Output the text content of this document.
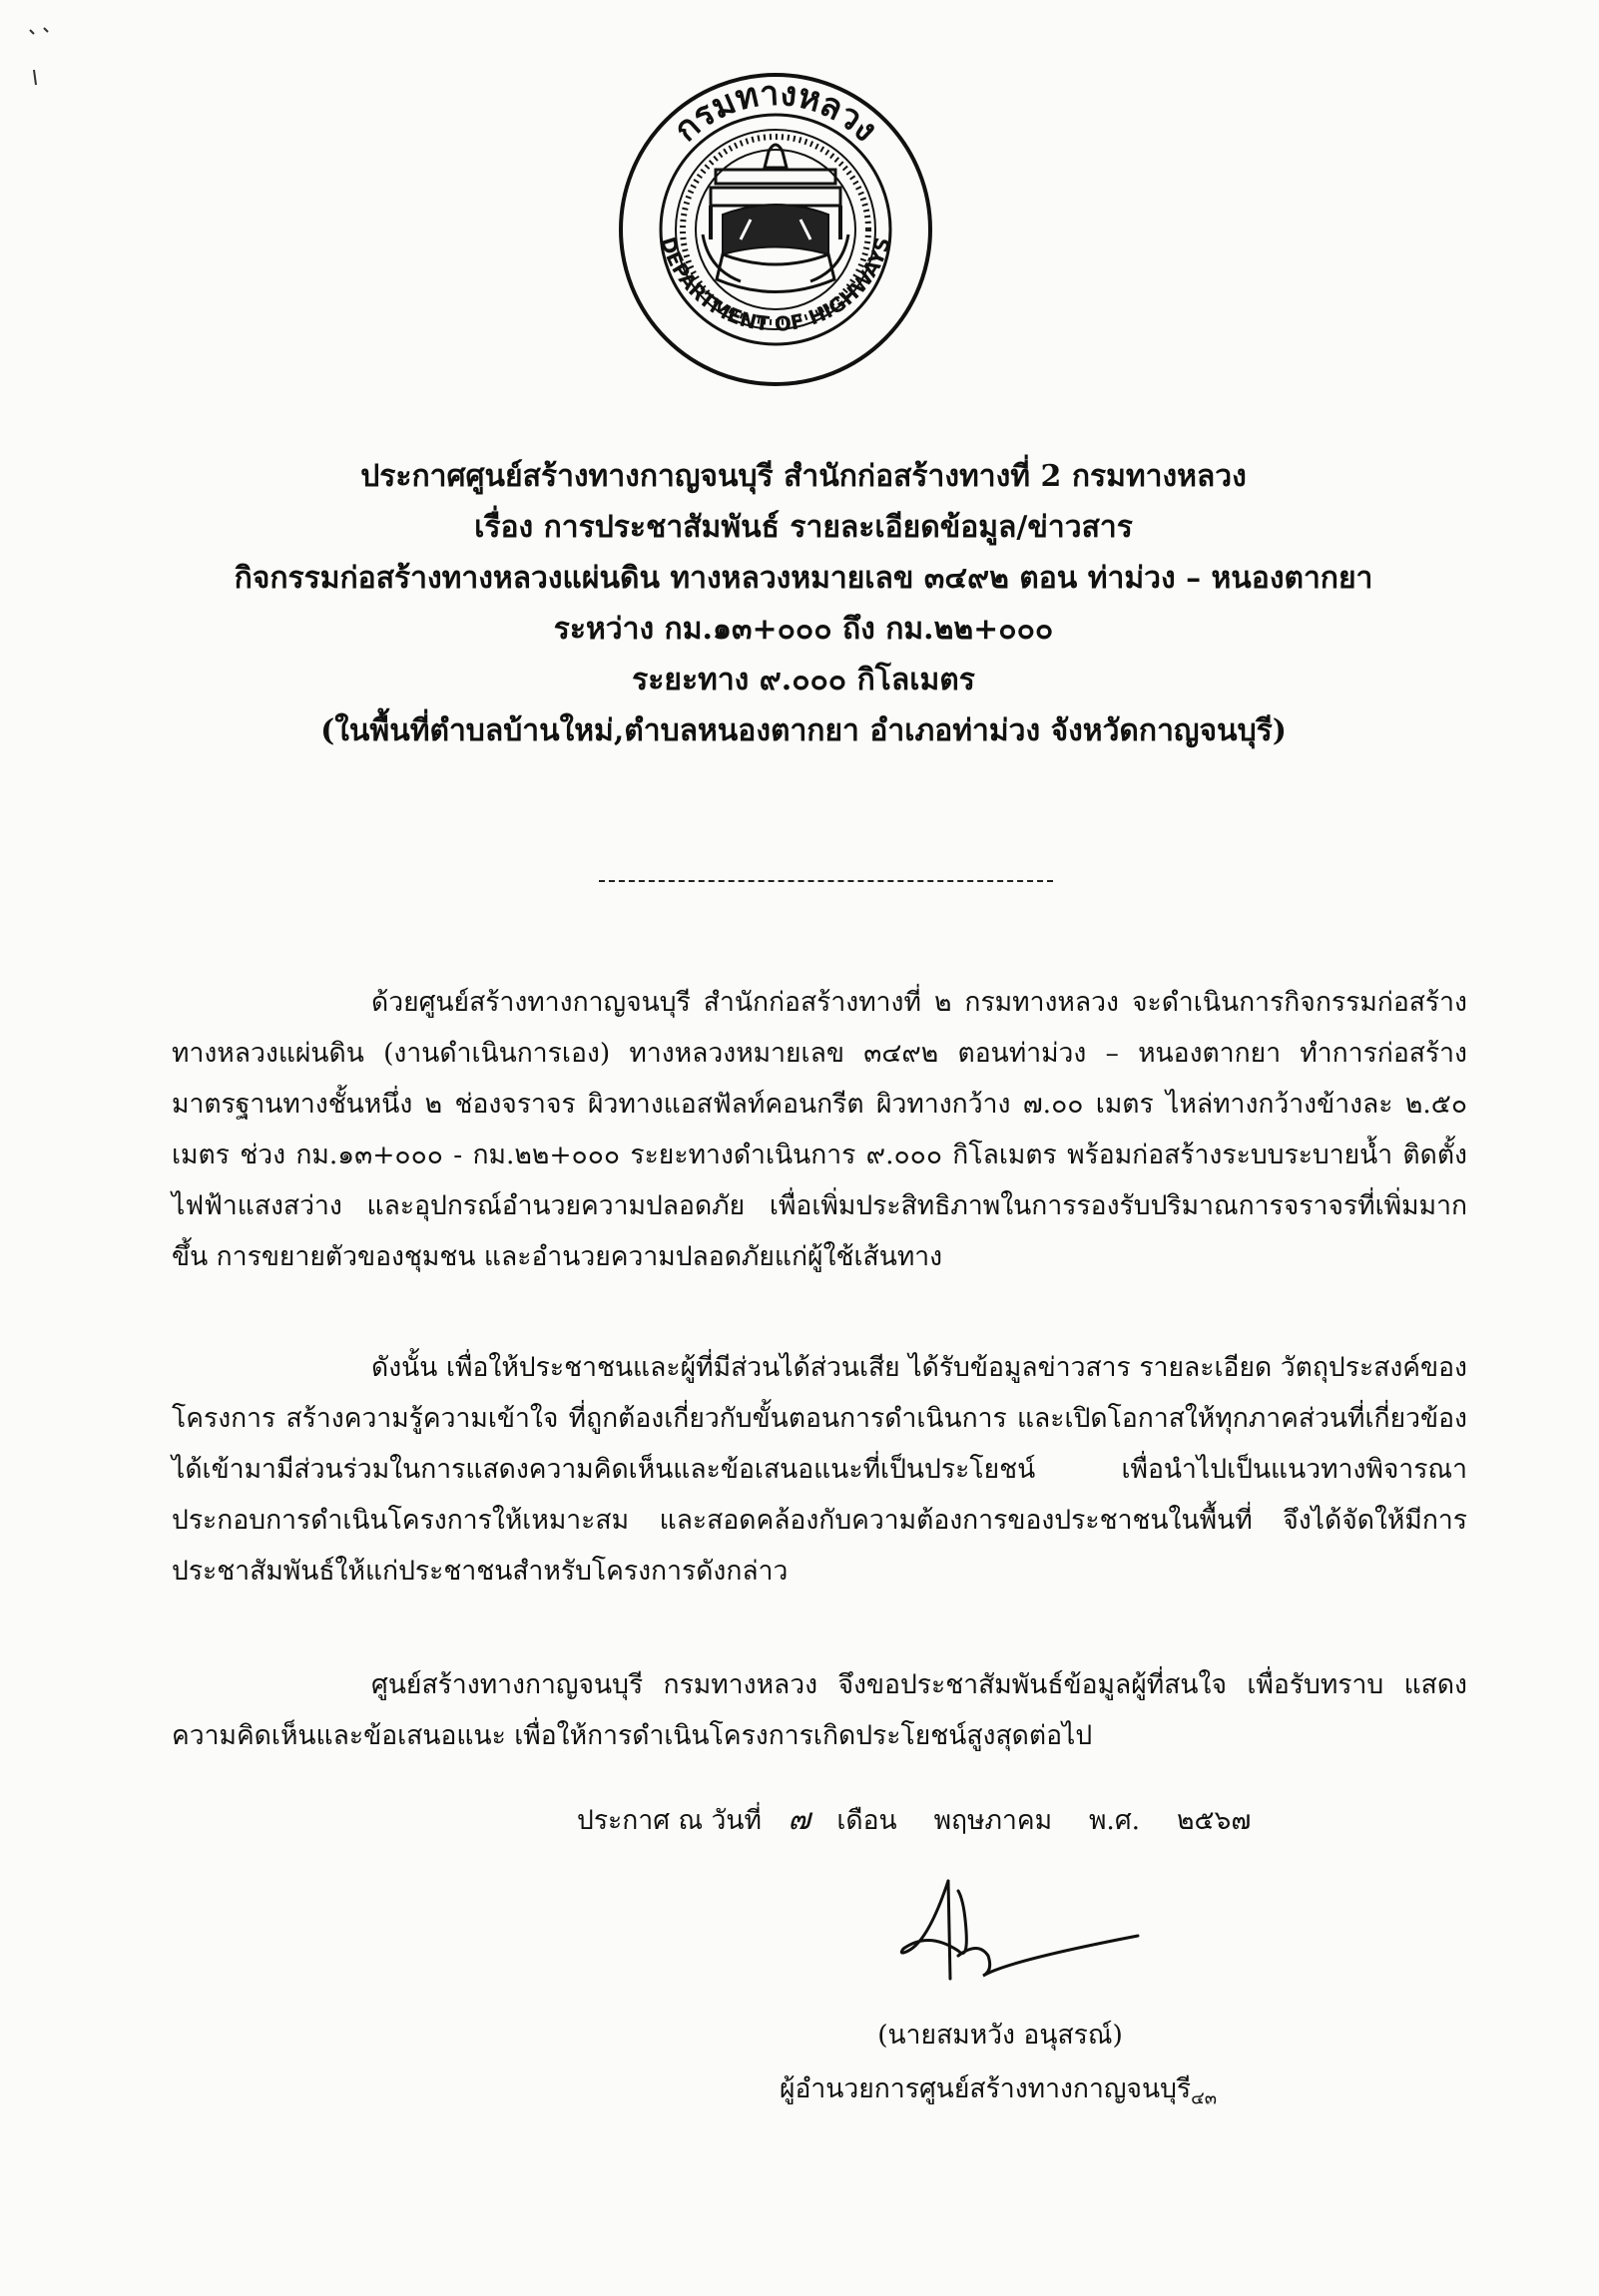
กรมทางหลวง
DEPARTMENT OF HIGHWAYS
ประกาศศูนย์สร้างทางกาญจนบุรี สำนักก่อสร้างทางที่ 2 กรมทางหลวง
เรื่อง การประชาสัมพันธ์ รายละเอียดข้อมูล/ข่าวสาร
กิจกรรมก่อสร้างทางหลวงแผ่นดิน ทางหลวงหมายเลข ๓๔๙๒ ตอน ท่าม่วง – หนองตากยา
ระหว่าง กม.๑๓+๐๐๐ ถึง กม.๒๒+๐๐๐
ระยะทาง ๙.๐๐๐ กิโลเมตร
(ในพื้นที่ตำบลบ้านใหม่,ตำบลหนองตากยา อำเภอท่าม่วง จังหวัดกาญจนบุรี)

ด้วยศูนย์สร้างทางกาญจนบุรี สำนักก่อสร้างทางที่ ๒ กรมทางหลวง จะดำเนินการกิจกรรมก่อสร้างทางหลวงแผ่นดิน (งานดำเนินการเอง) ทางหลวงหมายเลข ๓๔๙๒ ตอนท่าม่วง – หนองตากยา ทำการก่อสร้างมาตรฐานทางชั้นหนึ่ง ๒ ช่องจราจร ผิวทางแอสฟัลท์คอนกรีต ผิวทางกว้าง ๗.๐๐ เมตร ไหล่ทางกว้างข้างละ ๒.๕๐ เมตร ช่วง กม.๑๓+๐๐๐ - กม.๒๒+๐๐๐ ระยะทางดำเนินการ ๙.๐๐๐ กิโลเมตร พร้อมก่อสร้างระบบระบายน้ำ ติดตั้งไฟฟ้าแสงสว่าง และอุปกรณ์อำนวยความปลอดภัย เพื่อเพิ่มประสิทธิภาพในการรองรับปริมาณการจราจรที่เพิ่มมากขึ้น การขยายตัวของชุมชน และอำนวยความปลอดภัยแก่ผู้ใช้เส้นทาง

ดังนั้น เพื่อให้ประชาชนและผู้ที่มีส่วนได้ส่วนเสีย ได้รับข้อมูลข่าวสาร รายละเอียด วัตถุประสงค์ของโครงการ สร้างความรู้ความเข้าใจ ที่ถูกต้องเกี่ยวกับขั้นตอนการดำเนินการ และเปิดโอกาสให้ทุกภาคส่วนที่เกี่ยวข้องได้เข้ามามีส่วนร่วมในการแสดงความคิดเห็นและข้อเสนอแนะที่เป็นประโยชน์ เพื่อนำไปเป็นแนวทางพิจารณาประกอบการดำเนินโครงการให้เหมาะสม และสอดคล้องกับความต้องการของประชาชนในพื้นที่ จึงได้จัดให้มีการประชาสัมพันธ์ให้แก่ประชาชนสำหรับโครงการดังกล่าว

ศูนย์สร้างทางกาญจนบุรี กรมทางหลวง จึงขอประชาสัมพันธ์ข้อมูลผู้ที่สนใจ เพื่อรับทราบ แสดงความคิดเห็นและข้อเสนอแนะ เพื่อให้การดำเนินโครงการเกิดประโยชน์สูงสุดต่อไป

ประกาศ ณ วันที่ ๗ เดือน พฤษภาคม พ.ศ. ๒๕๖๗
(นายสมหวัง อนุสรณ์)
ผู้อำนวยการศูนย์สร้างทางกาญจนบุรี$_{๔๓}$
